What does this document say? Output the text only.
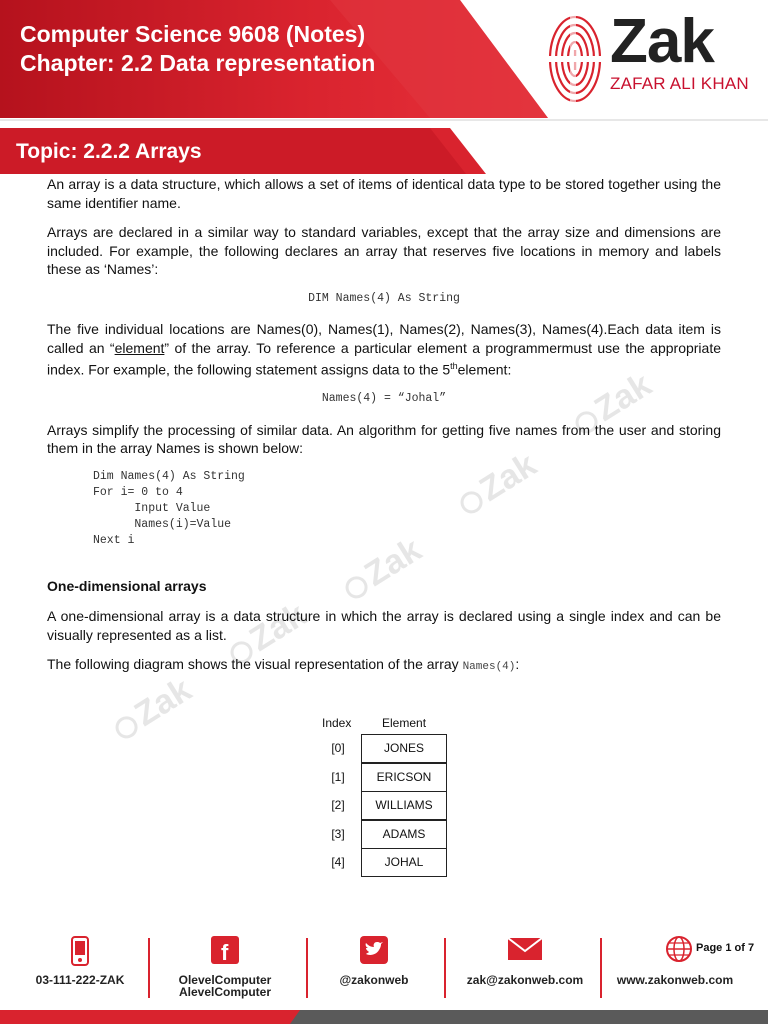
Computer Science 9608 (Notes)
Chapter: 2.2 Data representation	Zak
ZAFAR ALI KHAN
Topic: 2.2.2 Arrays
Zak
Zak
Zak
Zak
Zak

An array is a data structure, which allows a set of items of identical data type to be stored together using the same identifier name.

Arrays are declared in a similar way to standard variables, except that the array size and dimensions are included. For example, the following declares an array that reserves five locations in memory and labels these as ‘Names’:

DIM Names(4) As String

The five individual locations are Names(0), Names(1), Names(2), Names(3), Names(4).Each data item is called an “element” of the array. To reference a particular element a programmermust use the appropriate index. For example, the following statement assigns data to the 5thelement:

Names(4) = “Johal”

Arrays simplify the processing of similar data. An algorithm for getting five names from the user and storing them in the array Names is shown below:

Dim Names(4) As String
For i= 0 to 4
Input Value
Names(i)=Value
Next i
One-dimensional arrays

A one-dimensional array is a data structure in which the array is declared using a single index and can be visually represented as a list.

The following diagram shows the visual representation of the array Names(4):

Index	Element
[0]	JONES
[1]	ERICSON
[2]	WILLIAMS
[3]	ADAMS
[4]	JOHAL
03-111-222-ZAK
f
OlevelComputer
AlevelComputer
@zakonweb	zak@zakonweb.com	www.zakonweb.com
Page 1 of 7
